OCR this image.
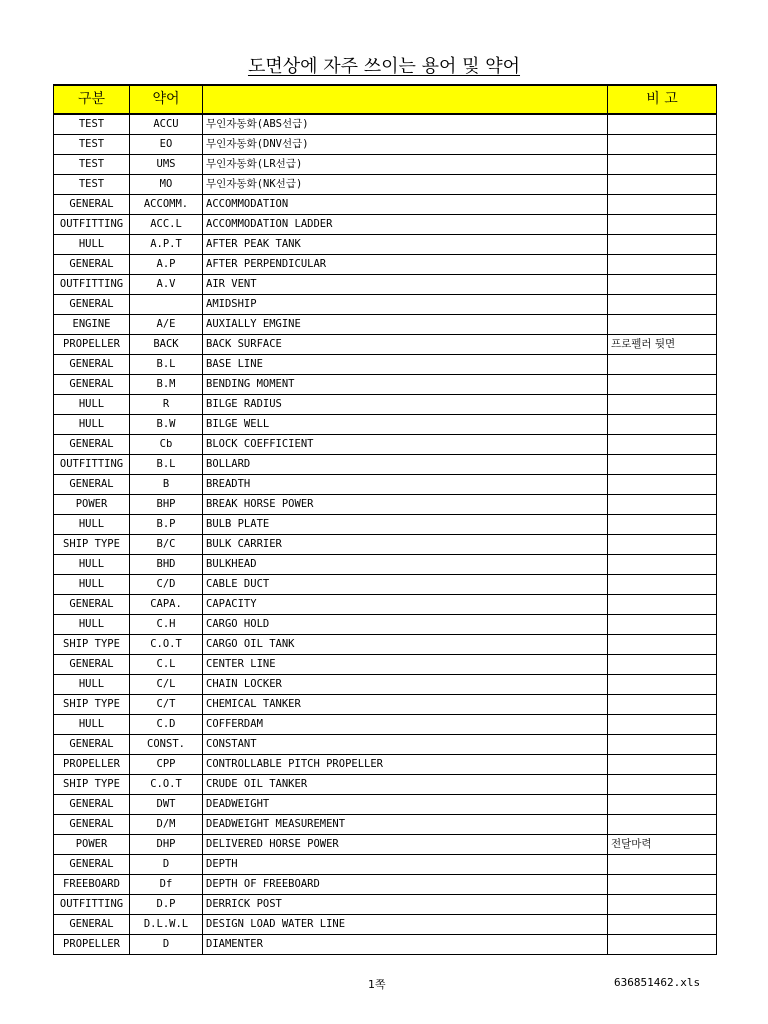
도면상에 자주 쓰이는 용어 및 약어
구분	약어		비 고
TEST	ACCU	무인자동화(ABS선급)	
TEST	EO	무인자동화(DNV선급)	
TEST	UMS	무인자동화(LR선급)	
TEST	MO	무인자동화(NK선급)	
GENERAL	ACCOMM.	ACCOMMODATION	
OUTFITTING	ACC.L	ACCOMMODATION LADDER	
HULL	A.P.T	AFTER PEAK TANK	
GENERAL	A.P	AFTER PERPENDICULAR	
OUTFITTING	A.V	AIR VENT	
GENERAL		AMIDSHIP	
ENGINE	A/E	AUXIALLY EMGINE	
PROPELLER	BACK	BACK SURFACE	프로펠러 뒷면
GENERAL	B.L	BASE LINE	
GENERAL	B.M	BENDING MOMENT	
HULL	R	BILGE RADIUS	
HULL	B.W	BILGE WELL	
GENERAL	Cb	BLOCK COEFFICIENT	
OUTFITTING	B.L	BOLLARD	
GENERAL	B	BREADTH	
POWER	BHP	BREAK HORSE POWER	
HULL	B.P	BULB PLATE	
SHIP TYPE	B/C	BULK CARRIER	
HULL	BHD	BULKHEAD	
HULL	C/D	CABLE DUCT	
GENERAL	CAPA.	CAPACITY	
HULL	C.H	CARGO HOLD	
SHIP TYPE	C.O.T	CARGO OIL TANK	
GENERAL	C.L	CENTER LINE	
HULL	C/L	CHAIN LOCKER	
SHIP TYPE	C/T	CHEMICAL TANKER	
HULL	C.D	COFFERDAM	
GENERAL	CONST.	CONSTANT	
PROPELLER	CPP	CONTROLLABLE PITCH PROPELLER	
SHIP TYPE	C.O.T	CRUDE OIL TANKER	
GENERAL	DWT	DEADWEIGHT	
GENERAL	D/M	DEADWEIGHT MEASUREMENT	
POWER	DHP	DELIVERED HORSE POWER	전달마력
GENERAL	D	DEPTH	
FREEBOARD	Df	DEPTH OF FREEBOARD	
OUTFITTING	D.P	DERRICK POST	
GENERAL	D.L.W.L	DESIGN LOAD WATER LINE	
PROPELLER	D	DIAMENTER	
1쪽	636851462.xls
